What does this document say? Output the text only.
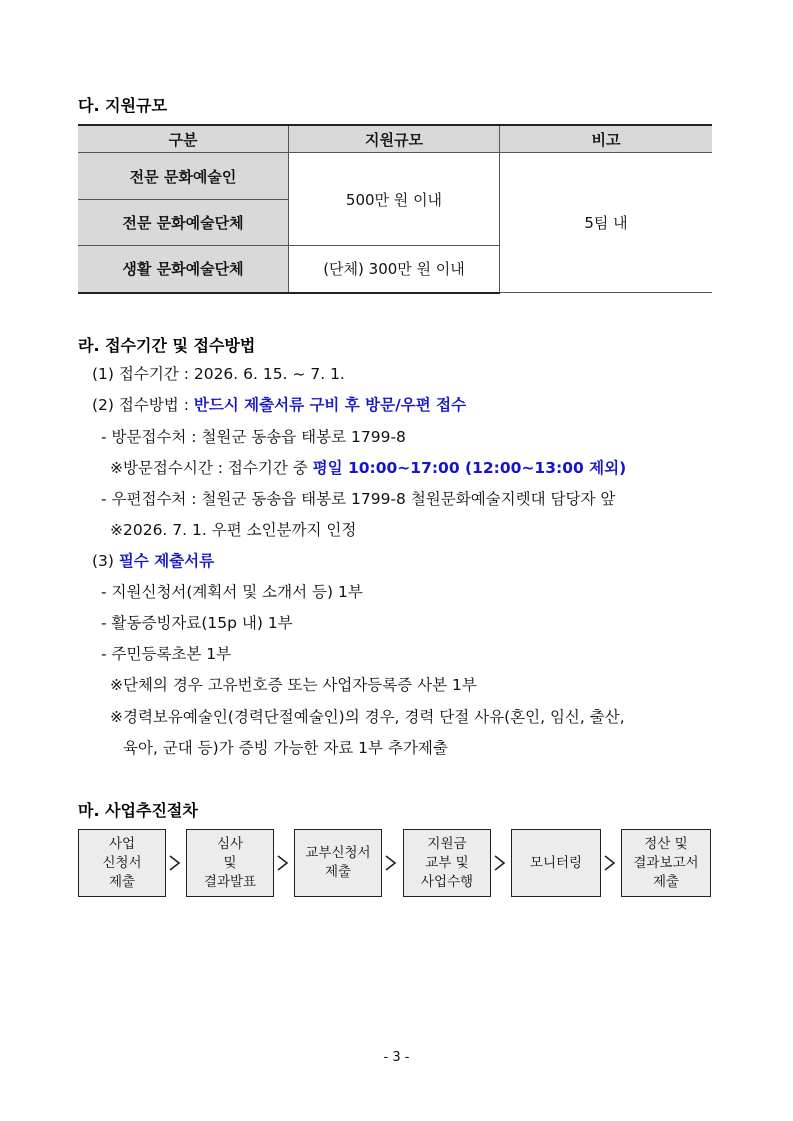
다. 지원규모
구분	지원규모	비고
전문 문화예술인	500만 원 이내	5팀 내
전문 문화예술단체		
생활 문화예술단체	(단체) 300만 원 이내	
라. 접수기간 및 접수방법
(1) 접수기간 : 2026. 6. 15. ~ 7. 1.
(2) 접수방법 : 반드시 제출서류 구비 후 방문/우편 접수
- 방문접수처 : 철원군 동송읍 태봉로 1799-8
※방문접수시간 : 접수기간 중 평일 10:00~17:00 (12:00~13:00 제외)
- 우편접수처 : 철원군 동송읍 태봉로 1799-8 철원문화예술지렛대 담당자 앞
※2026. 7. 1. 우편 소인분까지 인정
(3) 필수 제출서류
- 지원신청서(계획서 및 소개서 등) 1부
- 활동증빙자료(15p 내) 1부
- 주민등록초본 1부
※단체의 경우 고유번호증 또는 사업자등록증 사본 1부
※경력보유예술인(경력단절예술인)의 경우, 경력 단절 사유(혼인, 임신, 출산,
육아, 군대 등)가 증빙 가능한 자료 1부 추가제출
마. 사업추진절차
사업
신청서
제출
심사
및
결과발표
교부신청서
제출
지원금
교부 및
사업수행
모니터링
정산 및
결과보고서
제출
- 3 -
